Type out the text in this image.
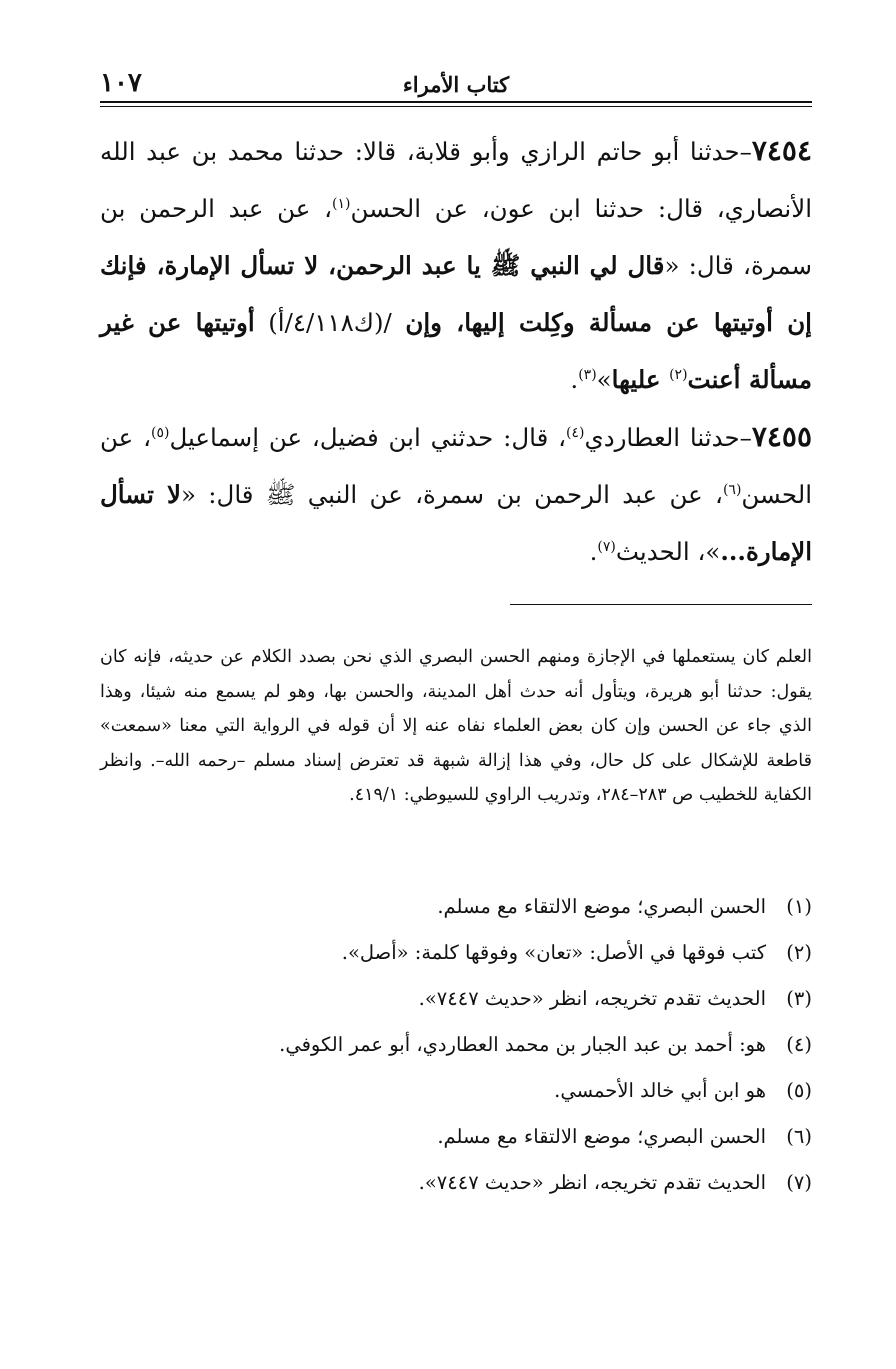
كتاب الأمراء
١٠٧

٧٤٥٤–حدثنا أبو حاتم الرازي وأبو قلابة، قالا: حدثنا محمد بن عبد الله الأنصاري، قال: حدثنا ابن عون، عن الحسن$^{(١)}$، عن عبد الرحمن بن سمرة، قال: «قال لي النبي ﷺ يا عبد الرحمن، لا تسأل الإمارة، فإنك إن أوتيتها عن مسألة وكِلت إليها، وإن /(ك٤/١١٨/أ) أوتيتها عن غير مسألة أعنت$^{(٢)}$ عليها»$^{(٣)}$.

٧٤٥٥–حدثنا العطاردي$^{(٤)}$، قال: حدثني ابن فضيل، عن إسماعيل$^{(٥)}$، عن الحسن$^{(٦)}$، عن عبد الرحمن بن سمرة، عن النبي ﷺ قال: «لا تسأل الإمارة...»، الحديث$^{(٧)}$.

العلم كان يستعملها في الإجازة ومنهم الحسن البصري الذي نحن بصدد الكلام عن حديثه، فإنه كان يقول: حدثنا أبو هريرة، ويتأول أنه حدث أهل المدينة، والحسن بها، وهو لم يسمع منه شيئا، وهذا الذي جاء عن الحسن وإن كان بعض العلماء نفاه عنه إلا أن قوله في الرواية التي معنا «سمعت» قاطعة للإشكال على كل حال، وفي هذا إزالة شبهة قد تعترض إسناد مسلم –رحمه الله–. وانظر الكفاية للخطيب ص ٢٨٣–٢٨٤، وتدريب الراوي للسيوطي: ٤١٩/١.

(١)الحسن البصري؛ موضع الالتقاء مع مسلم.
(٢)كتب فوقها في الأصل: «تعان» وفوقها كلمة: «أصل».
(٣)الحديث تقدم تخريجه، انظر «حديث ٧٤٤٧».
(٤)هو: أحمد بن عبد الجبار بن محمد العطاردي، أبو عمر الكوفي.
(٥)هو ابن أبي خالد الأحمسي.
(٦)الحسن البصري؛ موضع الالتقاء مع مسلم.
(٧)الحديث تقدم تخريجه، انظر «حديث ٧٤٤٧».
